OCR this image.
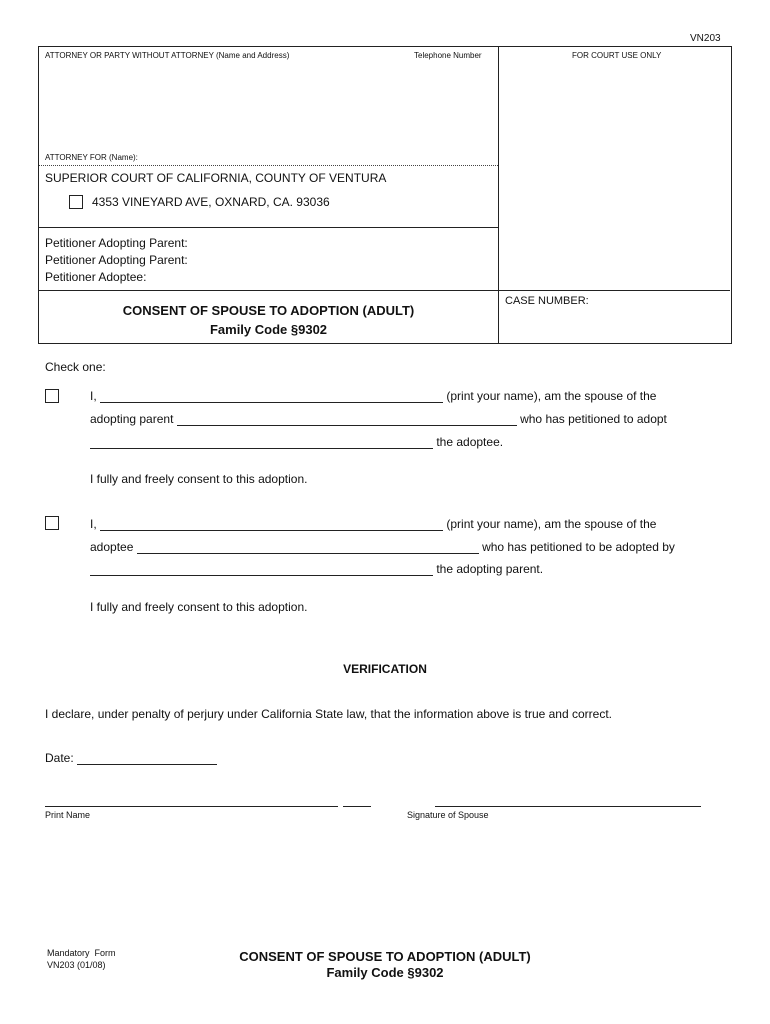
VN203
ATTORNEY OR PARTY WITHOUT ATTORNEY (Name and Address)	Telephone Number	FOR COURT USE ONLY
ATTORNEY FOR (Name):
SUPERIOR COURT OF CALIFORNIA, COUNTY OF VENTURA
4353 VINEYARD AVE, OXNARD, CA. 93036
Petitioner Adopting Parent:
Petitioner Adopting Parent:
Petitioner Adoptee:
CONSENT OF SPOUSE TO ADOPTION (ADULT)
Family Code §9302
CASE NUMBER:
Check one:
I,	(print your name), am the spouse of the
adopting parent	who has petitioned to adopt
the adoptee.
I fully and freely consent to this adoption.
I,	(print your name), am the spouse of the
adoptee	who has petitioned to be adopted by
the adopting parent.
I fully and freely consent to this adoption.
VERIFICATION
I declare, under penalty of perjury under California State law, that the information above is true and correct.
Date:
Print Name	Signature of Spouse
Mandatory  Form
VN203 (01/08)
CONSENT OF SPOUSE TO ADOPTION (ADULT)
Family Code §9302
